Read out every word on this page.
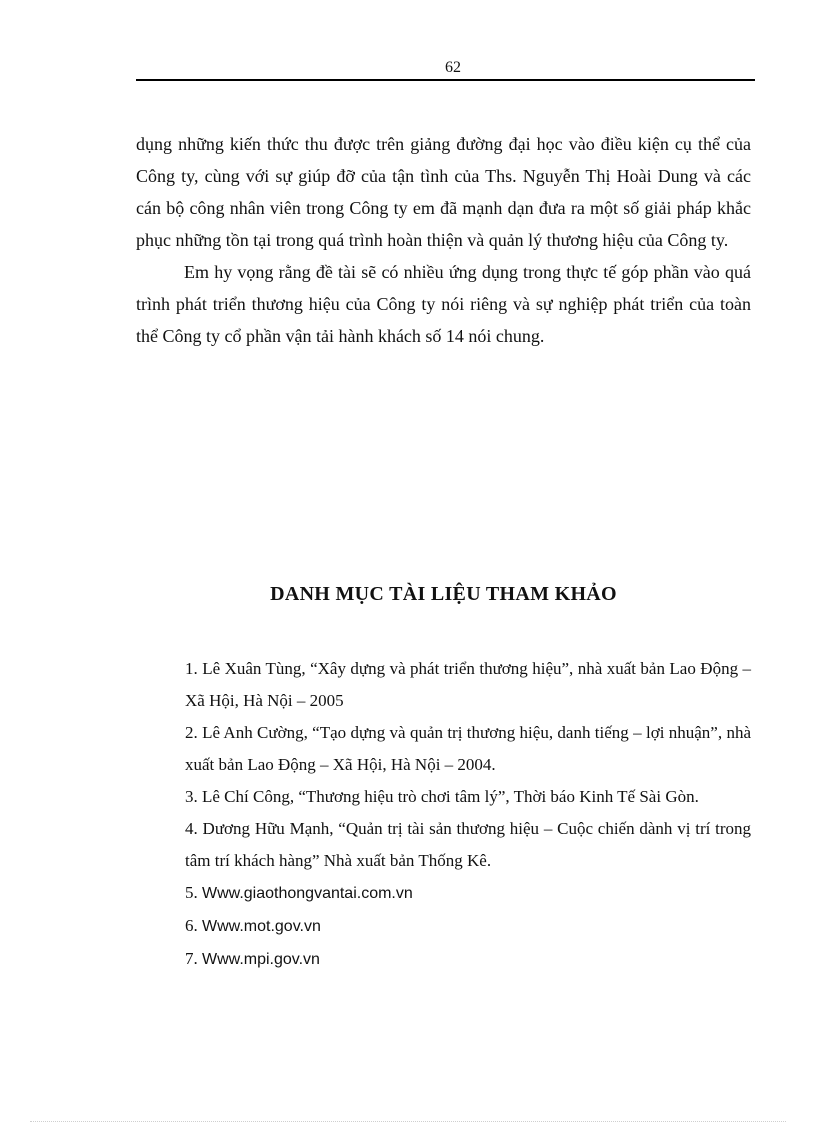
62

dụng những kiến thức thu được trên giảng đường đại học vào điều kiện cụ thể của Công ty, cùng với sự giúp đỡ của tận tình của Ths. Nguyễn Thị Hoài Dung và các cán bộ công nhân viên trong Công ty em đã mạnh dạn đưa ra một số giải pháp khắc phục những tồn tại trong quá trình hoàn thiện và quản lý thương hiệu của Công ty.

Em hy vọng rằng đề tài sẽ có nhiều ứng dụng trong thực tế góp phần vào quá trình phát triển thương hiệu của Công ty nói riêng và sự nghiệp phát triển của toàn thể Công ty cổ phần vận tải hành khách số 14 nói chung.

DANH MỤC TÀI LIỆU THAM KHẢO
1. Lê Xuân Tùng, “Xây dựng và phát triển thương hiệu”, nhà xuất bản Lao Động – Xã Hội, Hà Nội – 2005
2. Lê Anh Cường, “Tạo dựng và quản trị thương hiệu, danh tiếng – lợi nhuận”, nhà xuất bản Lao Động – Xã Hội, Hà Nội – 2004.
3. Lê Chí Công, “Thương hiệu trò chơi tâm lý”, Thời báo Kinh Tế Sài Gòn.
4. Dương Hữu Mạnh, “Quản trị tài sản thương hiệu – Cuộc chiến dành vị trí trong tâm trí khách hàng” Nhà xuất bản Thống Kê.
5. Www.giaothongvantai.com.vn
6. Www.mot.gov.vn
7. Www.mpi.gov.vn
